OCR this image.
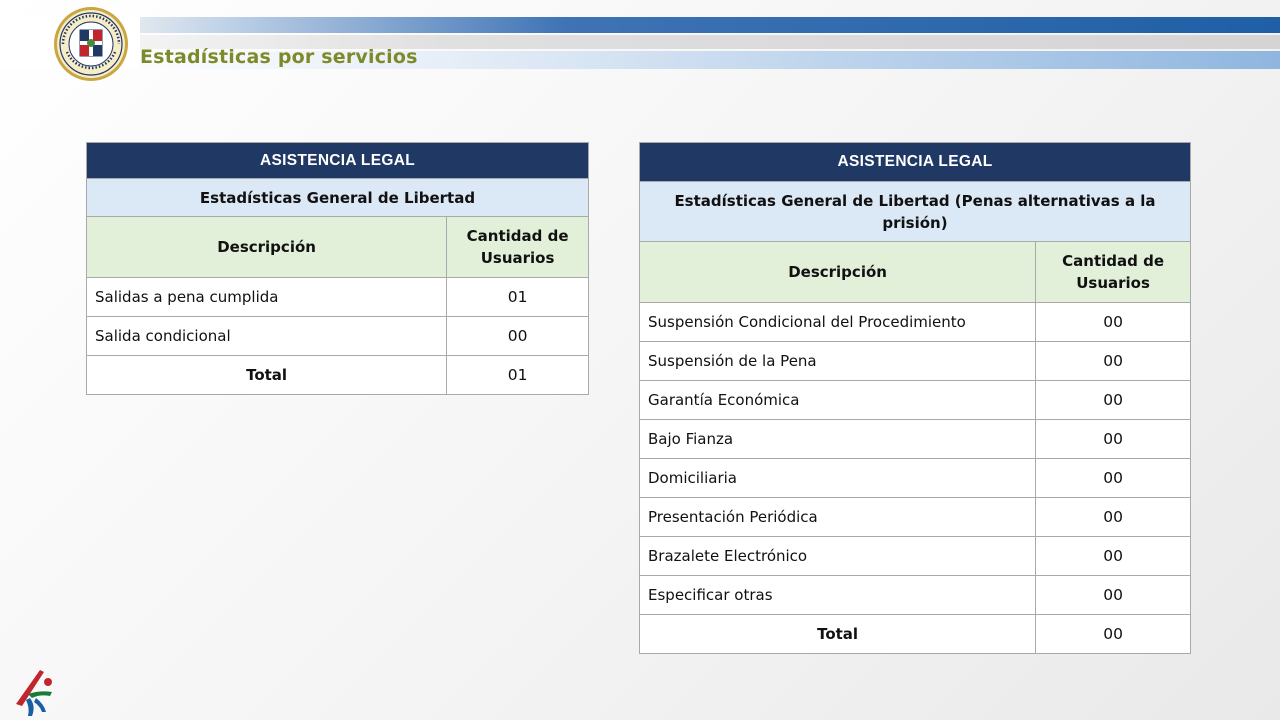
Estadísticas por servicios
ASISTENCIA LEGAL	
Estadísticas General de Libertad	
Descripción	Cantidad de Usuarios
Salidas a pena cumplida	01
Salida condicional	00
Total	01
ASISTENCIA LEGAL	
Estadísticas General de Libertad (Penas alternativas a la prisión)	
Descripción	Cantidad de Usuarios
Suspensión Condicional del Procedimiento	00
Suspensión de la Pena	00
Garantía Económica	00
Bajo Fianza	00
Domiciliaria	00
Presentación Periódica	00
Brazalete Electrónico	00
Especificar otras	00
Total	00
